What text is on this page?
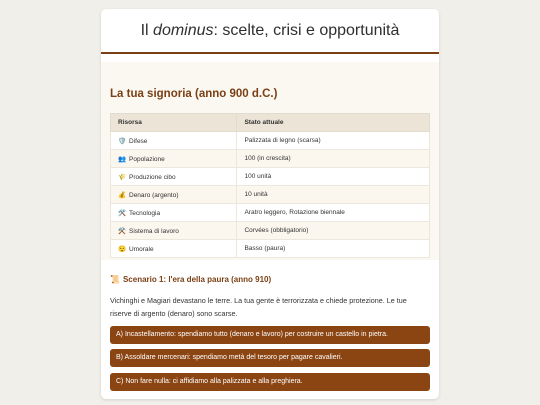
Il dominus: scelte, crisi e opportunità
La tua signoria (anno 900 d.C.)
Risorsa	Stato attuale
🛡️ Difese	Palizzata di legno (scarsa)
👥 Popolazione	100 (in crescita)
🌾 Produzione cibo	100 unità
💰 Denaro (argento)	10 unità
🛠️ Tecnologia	Aratro leggero, Rotazione biennale
⚒️ Sistema di lavoro	Corvées (obbligatorio)
😟 Umorale	Basso (paura)
📜 Scenario 1: l'era della paura (anno 910)
Vichinghi e Magiari devastano le terre. La tua gente è terrorizzata e chiede protezione. Le tue riserve di argento (denaro) sono scarse.
A) Incastellamento: spendiamo tutto (denaro e lavoro) per costruire un castello in pietra.
B) Assoldare mercenari: spendiamo metà del tesoro per pagare cavalieri.
C) Non fare nulla: ci affidiamo alla palizzata e alla preghiera.
